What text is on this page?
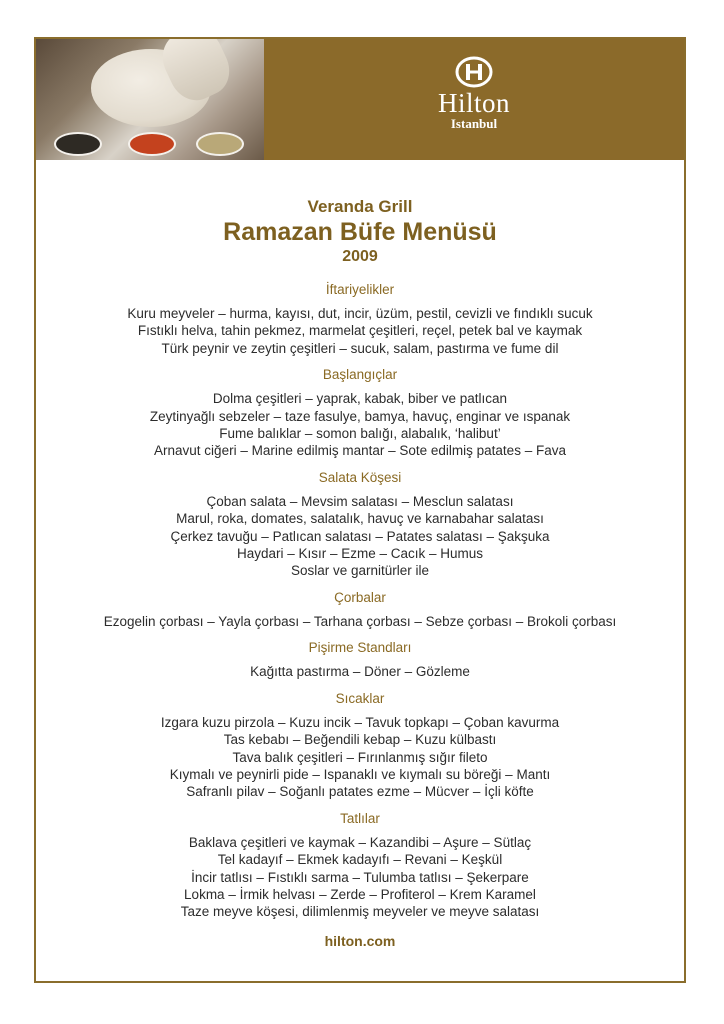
Hilton
Istanbul
Veranda Grill
Ramazan Büfe Menüsü
2009
İftariyelikler
Kuru meyveler – hurma, kayısı, dut, incir, üzüm, pestil, cevizli ve fındıklı sucuk
Fıstıklı helva, tahin pekmez, marmelat çeşitleri, reçel, petek bal ve kaymak
Türk peynir ve zeytin çeşitleri – sucuk, salam, pastırma ve fume dil
Başlangıçlar
Dolma çeşitleri – yaprak, kabak, biber ve patlıcan
Zeytinyağlı sebzeler – taze fasulye, bamya, havuç, enginar ve ıspanak
Fume balıklar – somon balığı, alabalık, ‘halibut’
Arnavut ciğeri – Marine edilmiş mantar – Sote edilmiş patates – Fava
Salata Köşesi
Çoban salata – Mevsim salatası – Mesclun salatası
Marul, roka, domates, salatalık, havuç ve karnabahar salatası
Çerkez tavuğu – Patlıcan salatası – Patates salatası – Şakşuka
Haydari – Kısır – Ezme – Cacık – Humus
Soslar ve garnitürler ile
Çorbalar
Ezogelin çorbası – Yayla çorbası – Tarhana çorbası – Sebze çorbası – Brokoli çorbası
Pişirme Standları
Kağıtta pastırma – Döner – Gözleme
Sıcaklar
Izgara kuzu pirzola – Kuzu incik – Tavuk topkapı – Çoban kavurma
Tas kebabı – Beğendili kebap – Kuzu külbastı
Tava balık çeşitleri – Fırınlanmış sığır fileto
Kıymalı ve peynirli pide – Ispanaklı ve kıymalı su böreği – Mantı
Safranlı pilav – Soğanlı patates ezme – Mücver – İçli köfte
Tatlılar
Baklava çeşitleri ve kaymak – Kazandibi – Aşure – Sütlaç
Tel kadayıf – Ekmek kadayıfı – Revani – Keşkül
İncir tatlısı – Fıstıklı sarma – Tulumba tatlısı – Şekerpare
Lokma – İrmik helvası – Zerde – Profiterol – Krem Karamel
Taze meyve köşesi, dilimlenmiş meyveler ve meyve salatası
hilton.com
